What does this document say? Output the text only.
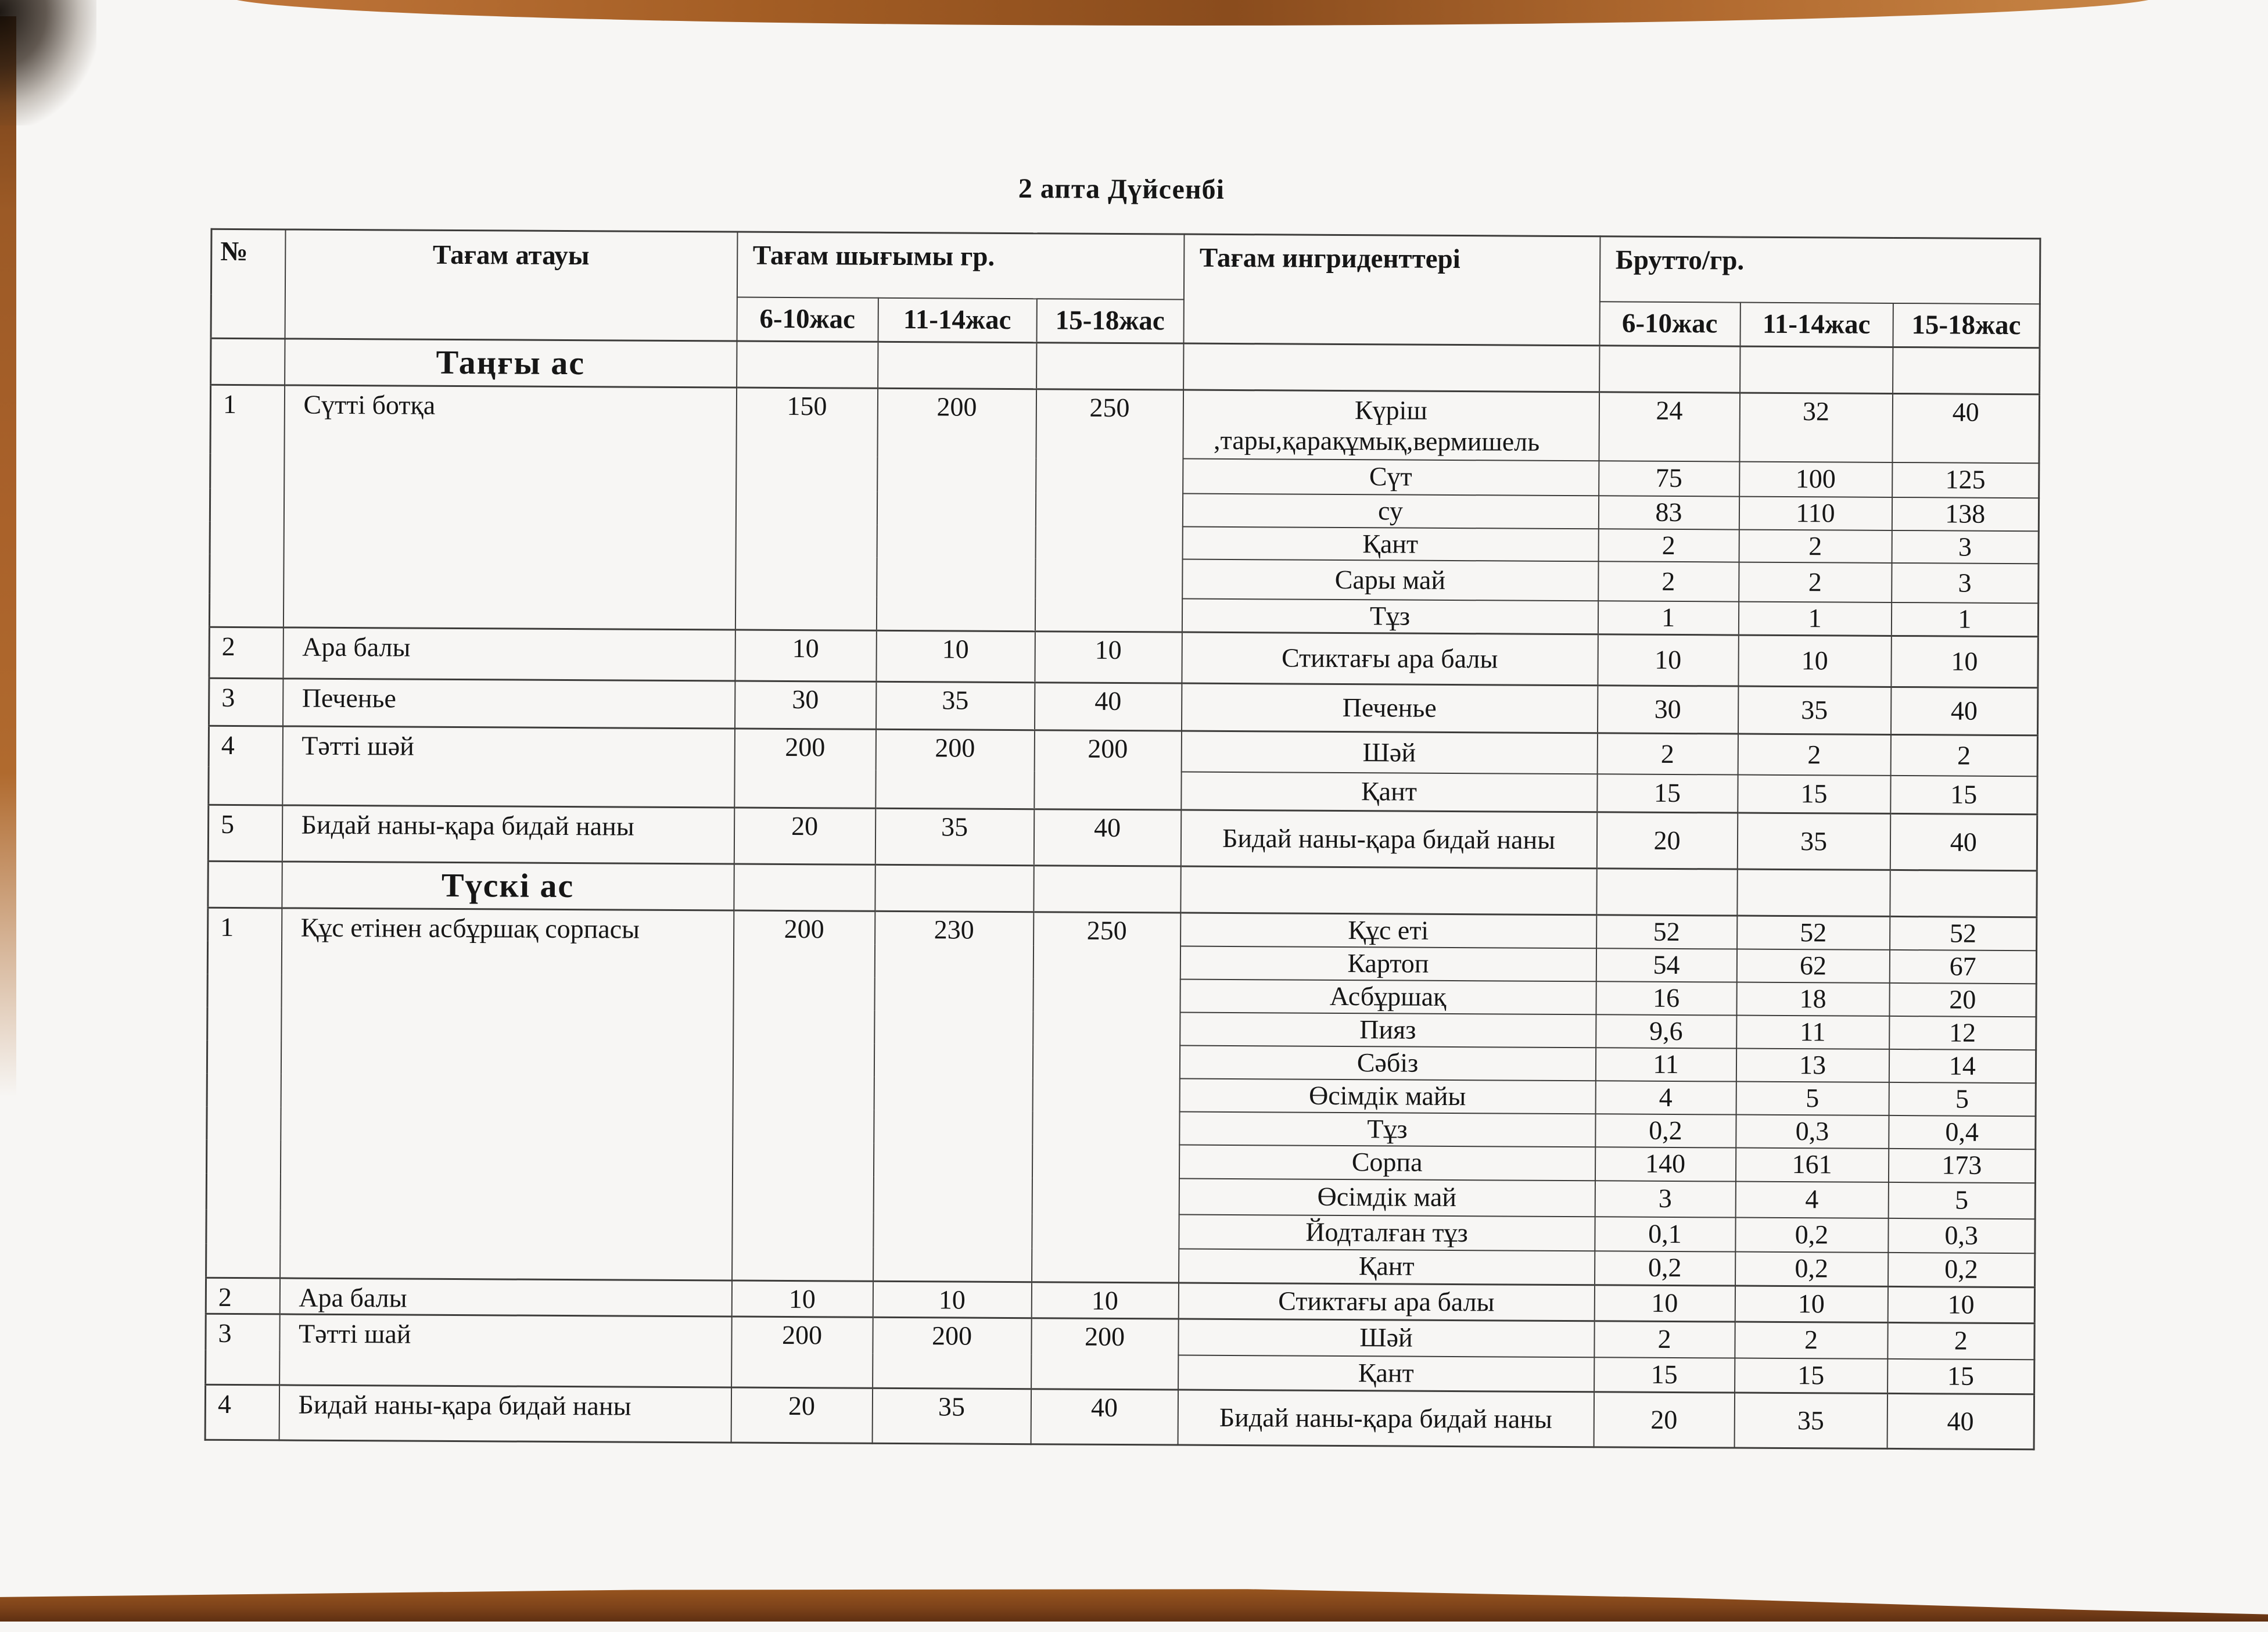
2 апта Дүйсенбі
№	Тағам атауы	Тағам шығымы гр.			Тағам ингриденттері	Брутто/гр.		
		6-10жас	11-14жас	15-18жас		6-10жас	11-14жас	15-18жас
	Таңғы ас							
1	Сүтті ботқа	150	200	250	Күріш
,тары,қарақұмық,вермишель	24	32	40

					Сүт	75	100	125

					су	83	110	138

					Қант	2	2	3

					Сары май	2	2	3

					Тұз	1	1	1
2	Ара балы	10	10	10	Стиктағы ара балы	10	10	10
3	Печенье	30	35	40	Печенье	30	35	40
4	Тәтті шәй	200	200	200	Шәй	2	2	2

					Қант	15	15	15
5	Бидай наны-қара бидай наны	20	35	40	Бидай наны-қара бидай наны	20	35	40
	Түскі ас							
1	Құс етінен асбұршақ сорпасы	200	230	250	Құс еті	52	52	52

					Картоп	54	62	67

					Асбұршақ	16	18	20

					Пияз	9,6	11	12

					Сәбіз	11	13	14

					Өсімдік майы	4	5	5

					Тұз	0,2	0,3	0,4

					Сорпа	140	161	173

					Өсімдік май	3	4	5

					Йодталған тұз	0,1	0,2	0,3

					Қант	0,2	0,2	0,2
2	Ара балы	10	10	10	Стиктағы ара балы	10	10	10
3	Тәтті шай	200	200	200	Шәй	2	2	2

					Қант	15	15	15
4	Бидай наны-қара бидай наны	20	35	40	Бидай наны-қара бидай наны	20	35	40
